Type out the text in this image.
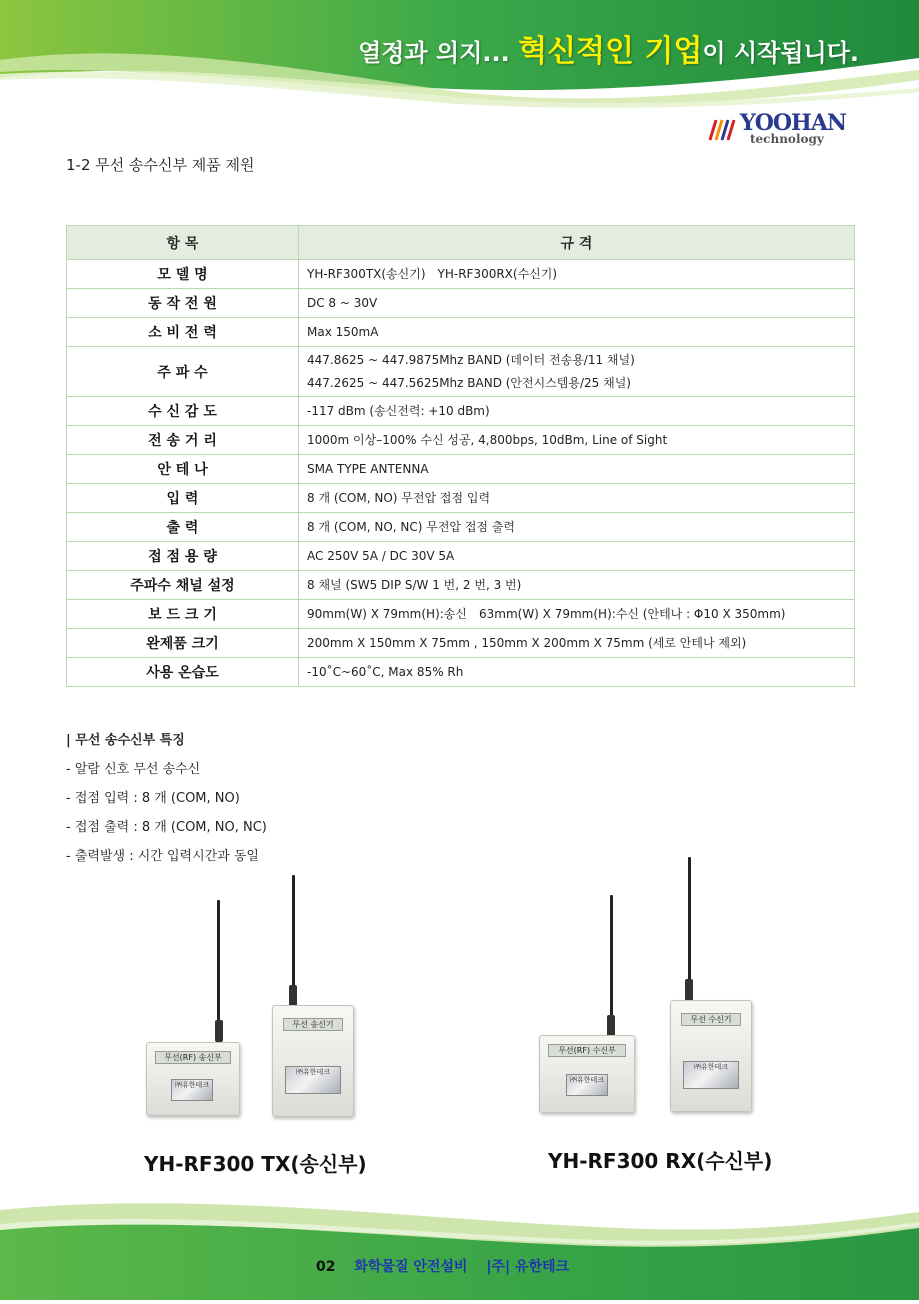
열정과 의지... 혁신적인 기업이 시작됩니다.
YOOHAN
technology
1-2 무선 송수신부 제품 제원
항 목	규 격
모 델 명	YH-RF300TX(송신기)　YH-RF300RX(수신기)

동 작 전 원	DC 8 ~ 30V

소 비 전 력	Max 150mA

주 파 수	447.8625 ~ 447.9875Mhz BAND (데이터 전송용/11 채널)
447.2625 ~ 447.5625Mhz BAND (안전시스템용/25 채널)

수 신 감 도	-117 dBm (송신전력: +10 dBm)

전 송 거 리	1000m 이상–100% 수신 성공, 4,800bps, 10dBm, Line of Sight

안 테 나	SMA TYPE ANTENNA

입 력	8 개 (COM, NO) 무전압 접점 입력

출 력	8 개 (COM, NO, NC) 무전압 접점 출력

접 점 용 량	AC 250V 5A / DC 30V 5A

주파수 채널 설정	8 채널 (SW5 DIP S/W 1 번, 2 번, 3 번)

보 드 크 기	90mm(W) X 79mm(H):송신　63mm(W) X 79mm(H):수신 (안테나 : Φ10 X 350mm)

완제품 크기	200mm X 150mm X 75mm , 150mm X 200mm X 75mm (세로 안테나 제외)

사용 온습도	-10˚C~60˚C, Max 85% Rh
| 무선 송수신부 특징
- 알람 신호 무선 송수신
- 접점 입력 : 8 개 (COM, NO)
- 접점 출력 : 8 개 (COM, NO, NC)
- 출력발생 : 시간 입력시간과 동일
무선(RF) 송신부
㈜유한테크
무선 송신기
㈜유한테크
YH-RF300 TX(송신부)
무선(RF) 수신부
㈜유한테크
무선 수신기
㈜유한테크
YH-RF300 RX(수신부)
02 화학물질 안전설비 |주| 유한테크
